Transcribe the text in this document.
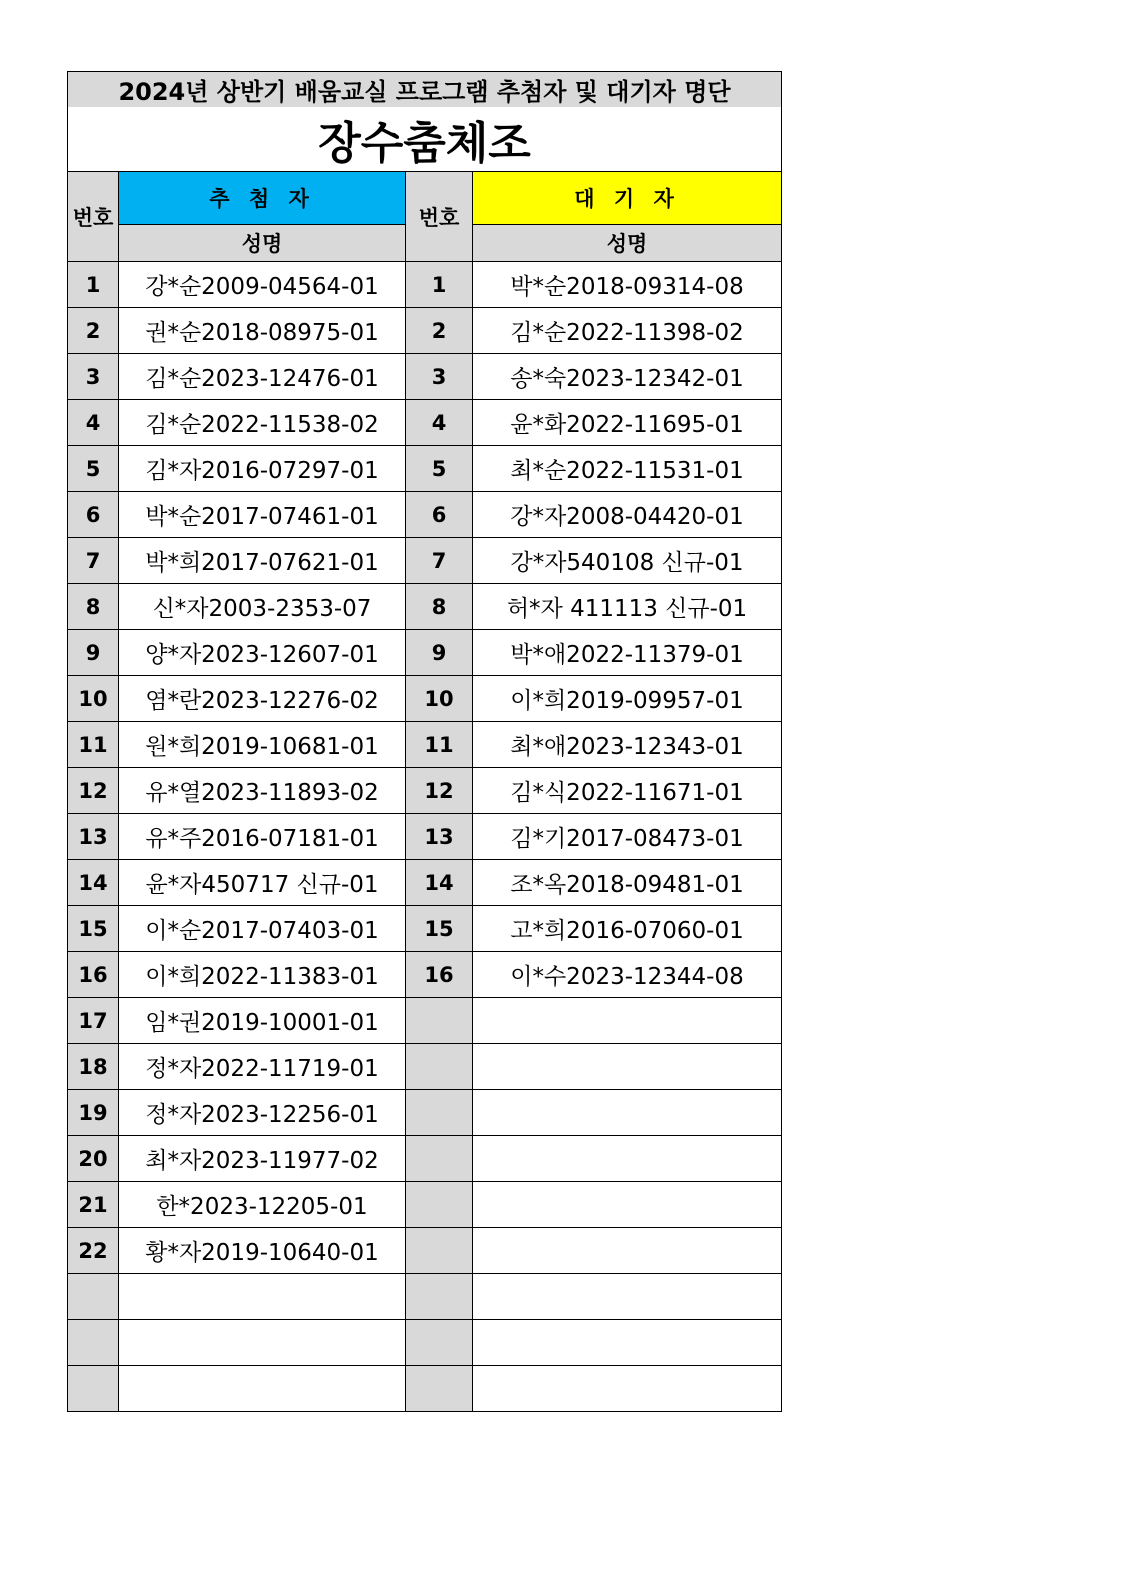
2024년 상반기 배움교실 프로그램 추첨자 및 대기자 명단			
장수춤체조			
번호	추 첨 자	번호	대 기 자
	성명		성명
1	강*순2009-04564-01	1	박*순2018-09314-08
2	권*순2018-08975-01	2	김*순2022-11398-02
3	김*순2023-12476-01	3	송*숙2023-12342-01
4	김*순2022-11538-02	4	윤*화2022-11695-01
5	김*자2016-07297-01	5	최*순2022-11531-01
6	박*순2017-07461-01	6	강*자2008-04420-01
7	박*희2017-07621-01	7	강*자540108 신규-01
8	신*자2003-2353-07	8	허*자 411113 신규-01
9	양*자2023-12607-01	9	박*애2022-11379-01
10	염*란2023-12276-02	10	이*희2019-09957-01
11	원*희2019-10681-01	11	최*애2023-12343-01
12	유*열2023-11893-02	12	김*식2022-11671-01
13	유*주2016-07181-01	13	김*기2017-08473-01
14	윤*자450717 신규-01	14	조*옥2018-09481-01
15	이*순2017-07403-01	15	고*희2016-07060-01
16	이*희2022-11383-01	16	이*수2023-12344-08
17	임*권2019-10001-01		
18	정*자2022-11719-01		
19	정*자2023-12256-01		
20	최*자2023-11977-02		
21	한*2023-12205-01		
22	황*자2019-10640-01		
